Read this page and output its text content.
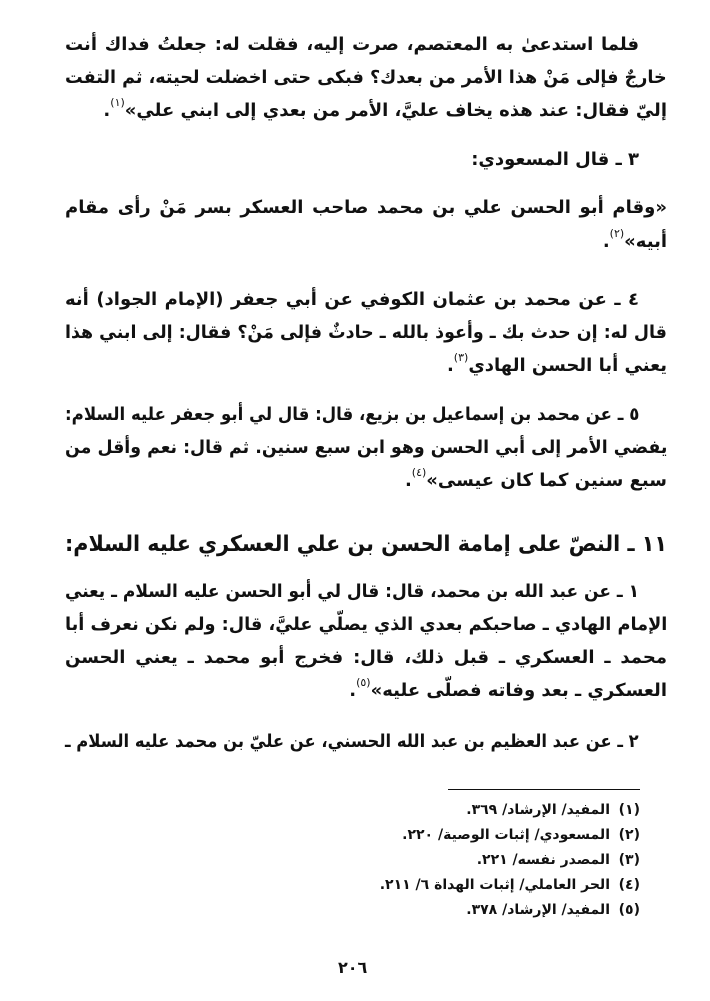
فلما استدعىٰ به المعتصم، صرت إليه، فقلت له: جعلتُ فداك أنت
خارجٌ فإلى مَنْ هذا الأمر من بعدك؟ فبكى حتى اخضلت لحيته، ثم التفت
إليّ فقال: عند هذه يخاف عليَّ، الأمر من بعدي إلى ابني علي»$^{(١)}$.
٣ ـ قال المسعودي:
«وقام أبو الحسن علي بن محمد صاحب العسكر بسر مَنْ رأى مقام
أبيه»$^{(٢)}$.
٤ ـ عن محمد بن عثمان الكوفي عن أبي جعفر (الإمام الجواد) أنه
قال له: إن حدث بك ـ وأعوذ بالله ـ حادثٌ فإلى مَنْ؟ فقال: إلى ابني هذا
يعني أبا الحسن الهادي$^{(٣)}$.
٥ ـ عن محمد بن إسماعيل بن بزيع، قال: قال لي أبو جعفر عليه السلام:
يفضي الأمر إلى أبي الحسن وهو ابن سبع سنين. ثم قال: نعم وأقل من
سبع سنين كما كان عيسى»$^{(٤)}$.
١١ ـ النصّ على إمامة الحسن بن علي العسكري عليه السلام:
١ ـ عن عبد الله بن محمد، قال: قال لي أبو الحسن عليه السلام ـ يعني
الإمام الهادي ـ صاحبكم بعدي الذي يصلّي عليَّ، قال: ولم نكن نعرف أبا
محمد ـ العسكري ـ قبل ذلك، قال: فخرج أبو محمد ـ يعني الحسن
العسكري ـ بعد وفاته فصلّى عليه»$^{(٥)}$.
٢ ـ عن عبد العظيم بن عبد الله الحسني، عن عليّ بن محمد عليه السلام ـ
(١)المفيد/ الإرشاد/ ٣٦٩.
(٢)المسعودي/ إثبات الوصية/ ٢٢٠.
(٣)المصدر نفسه/ ٢٢١.
(٤)الحر العاملي/ إثبات الهداة ٦/ ٢١١.
(٥)المفيد/ الإرشاد/ ٣٧٨.
٢٠٦
